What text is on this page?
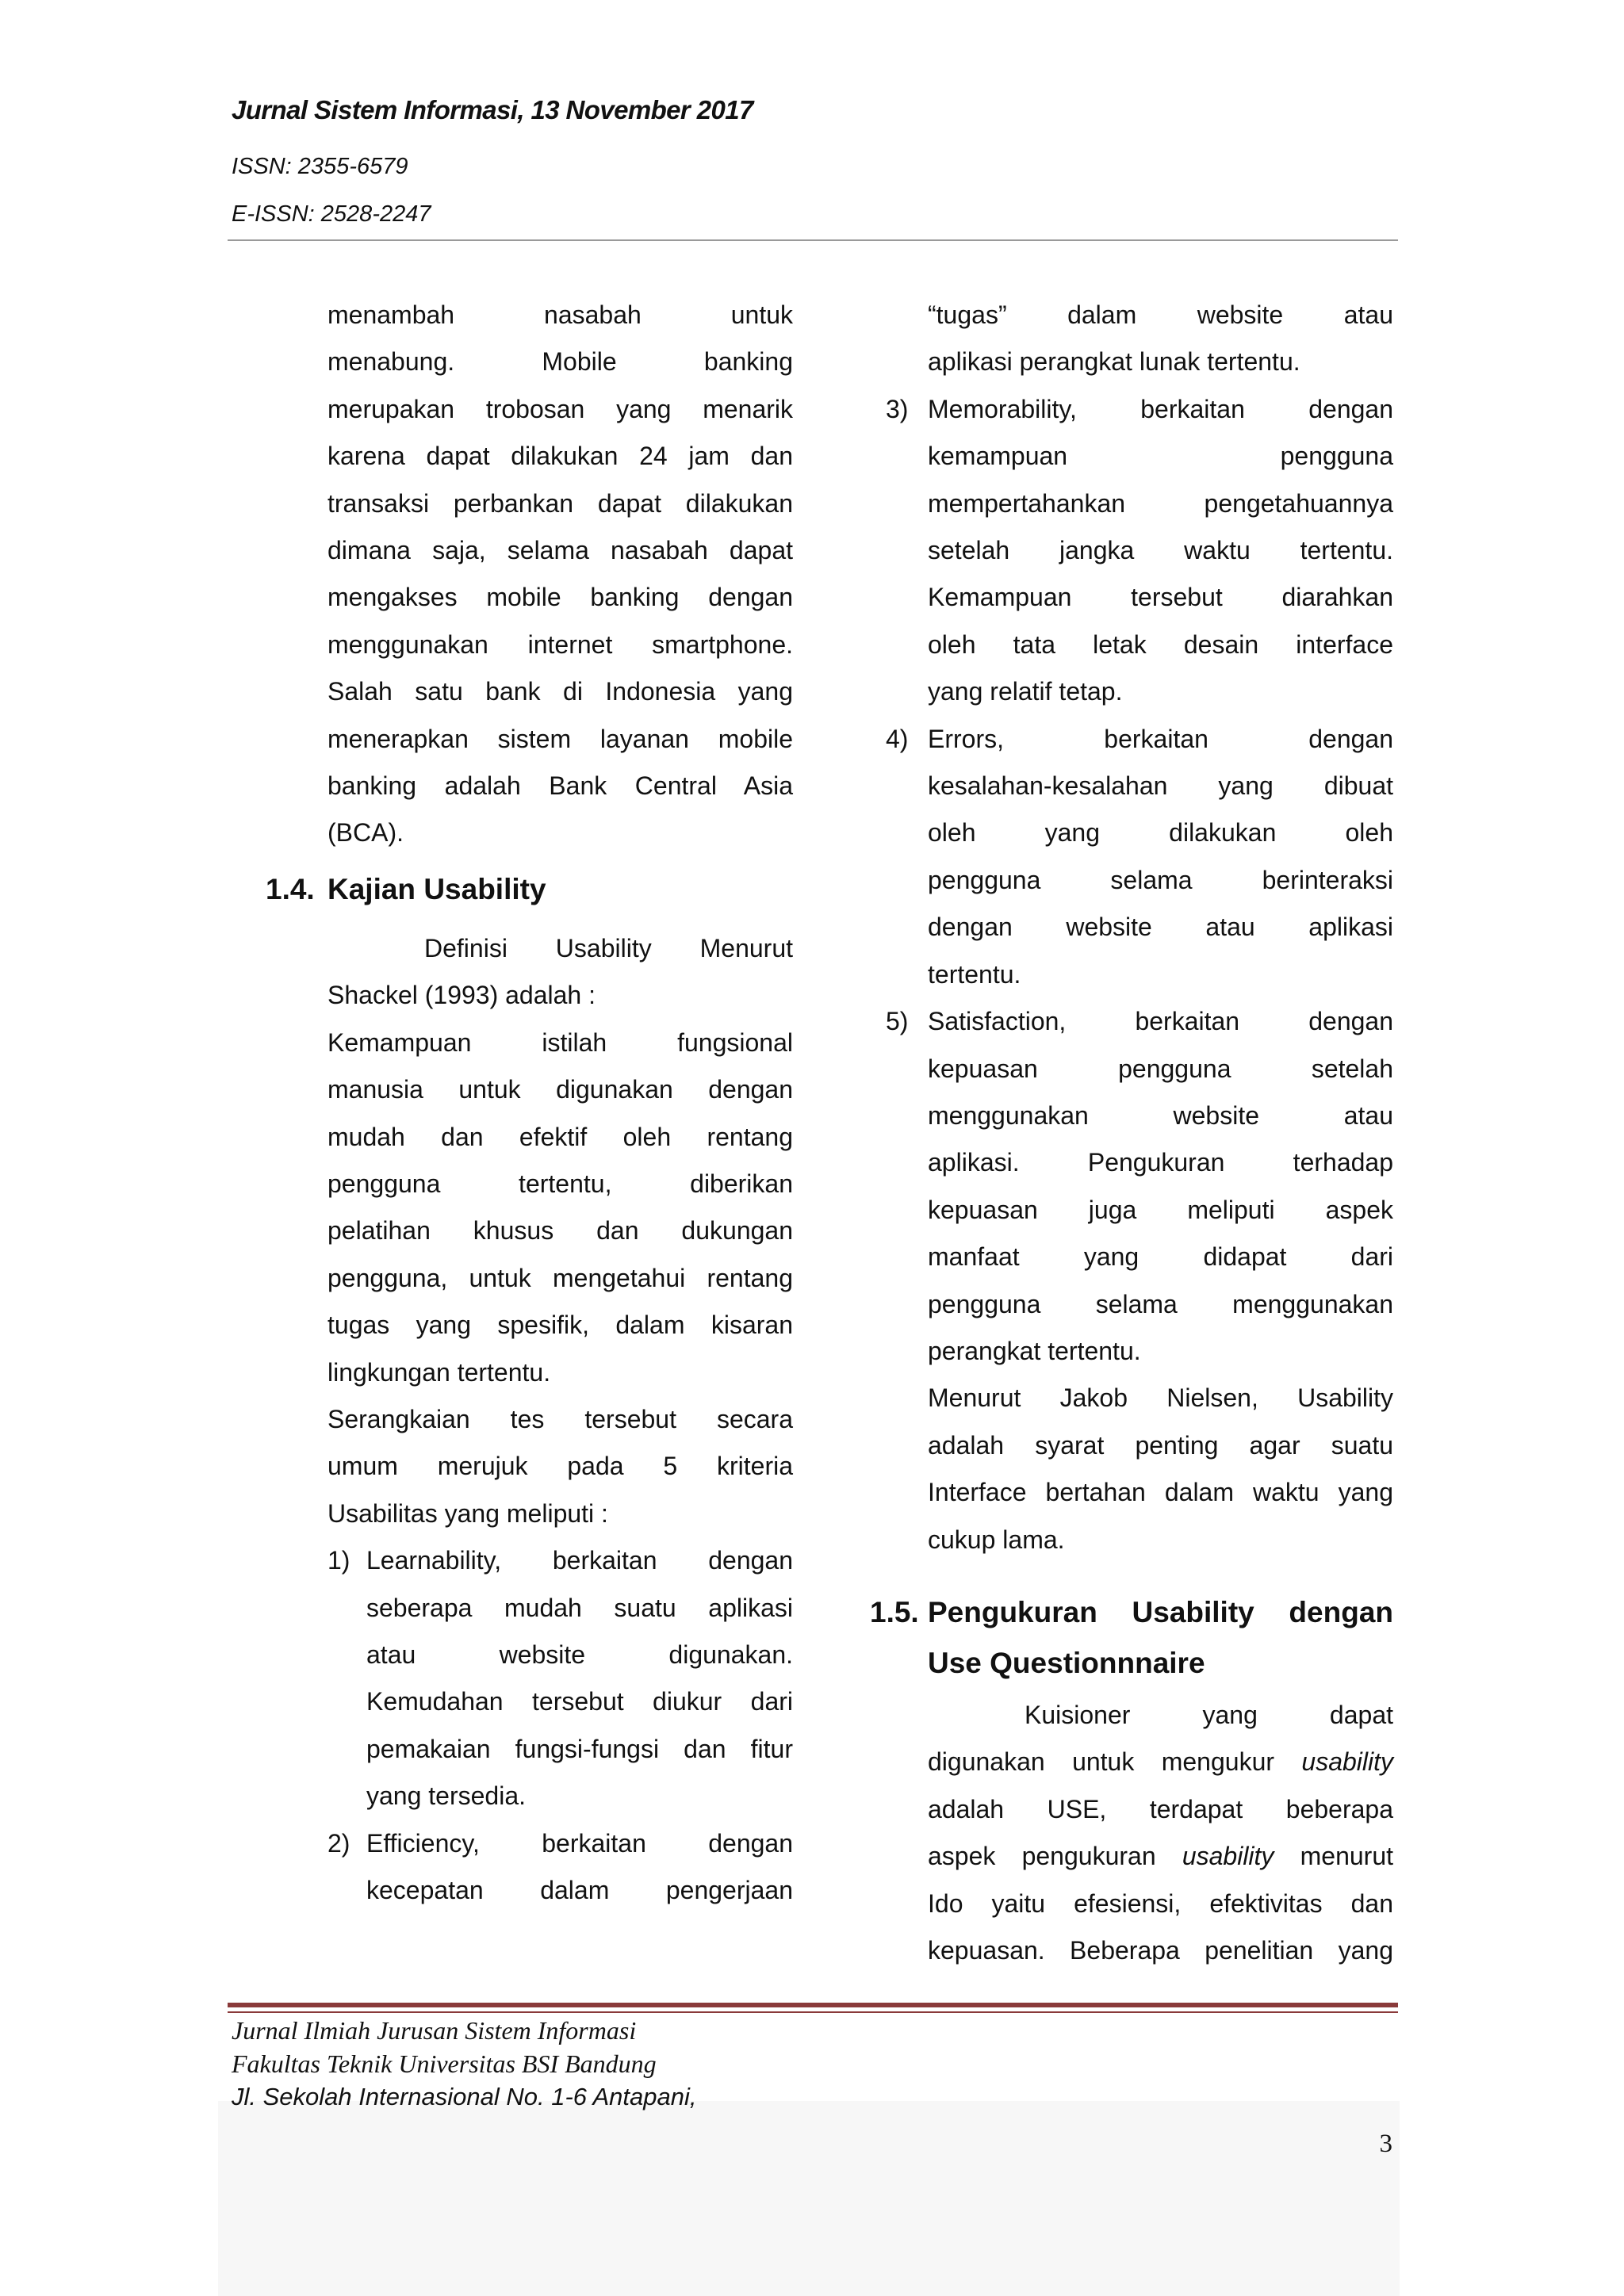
Jurnal Sistem Informasi, 13 November 2017
ISSN: 2355-6579
E-ISSN: 2528-2247

menambah nasabah untuk

menabung. Mobile banking

merupakan trobosan yang menarik

karena dapat dilakukan 24 jam dan

transaksi perbankan dapat dilakukan

dimana saja, selama nasabah dapat

mengakses mobile banking dengan

menggunakan internet smartphone.

Salah satu bank di Indonesia yang

menerapkan sistem layanan mobile

banking adalah Bank Central Asia

(BCA).

1.4. Kajian Usability

Definisi Usability Menurut

Shackel (1993) adalah :

Kemampuan istilah fungsional

manusia untuk digunakan dengan

mudah dan efektif oleh rentang

pengguna tertentu, diberikan

pelatihan khusus dan dukungan

pengguna, untuk mengetahui rentang

tugas yang spesifik, dalam kisaran

lingkungan tertentu.

Serangkaian tes tersebut secara

umum merujuk pada 5 kriteria

Usabilitas yang meliputi :

1) Learnability, berkaitan dengan

seberapa mudah suatu aplikasi

atau website digunakan.

Kemudahan tersebut diukur dari

pemakaian fungsi-fungsi dan fitur

yang tersedia.

2) Efficiency, berkaitan dengan

kecepatan dalam pengerjaan

“tugas” dalam website atau

aplikasi perangkat lunak tertentu.

3) Memorability, berkaitan dengan

kemampuan pengguna

mempertahankan pengetahuannya

setelah jangka waktu tertentu.

Kemampuan tersebut diarahkan

oleh tata letak desain interface

yang relatif tetap.

4) Errors, berkaitan dengan

kesalahan-kesalahan yang dibuat

oleh yang dilakukan oleh

pengguna selama berinteraksi

dengan website atau aplikasi

tertentu.

5) Satisfaction, berkaitan dengan

kepuasan pengguna setelah

menggunakan website atau

aplikasi. Pengukuran terhadap

kepuasan juga meliputi aspek

manfaat yang didapat dari

pengguna selama menggunakan

perangkat tertentu.

Menurut Jakob Nielsen, Usability

adalah syarat penting agar suatu

Interface bertahan dalam waktu yang

cukup lama.

1.5. Pengukuran Usability dengan
Use Questionnnaire

Kuisioner yang dapat

digunakan untuk mengukur usability

adalah USE, terdapat beberapa

aspek pengukuran usability menurut

Ido yaitu efesiensi, efektivitas dan

kepuasan. Beberapa penelitian yang

Jurnal Ilmiah Jurusan Sistem Informasi
Fakultas Teknik Universitas BSI Bandung
Jl. Sekolah Internasional No. 1-6 Antapani,
3
